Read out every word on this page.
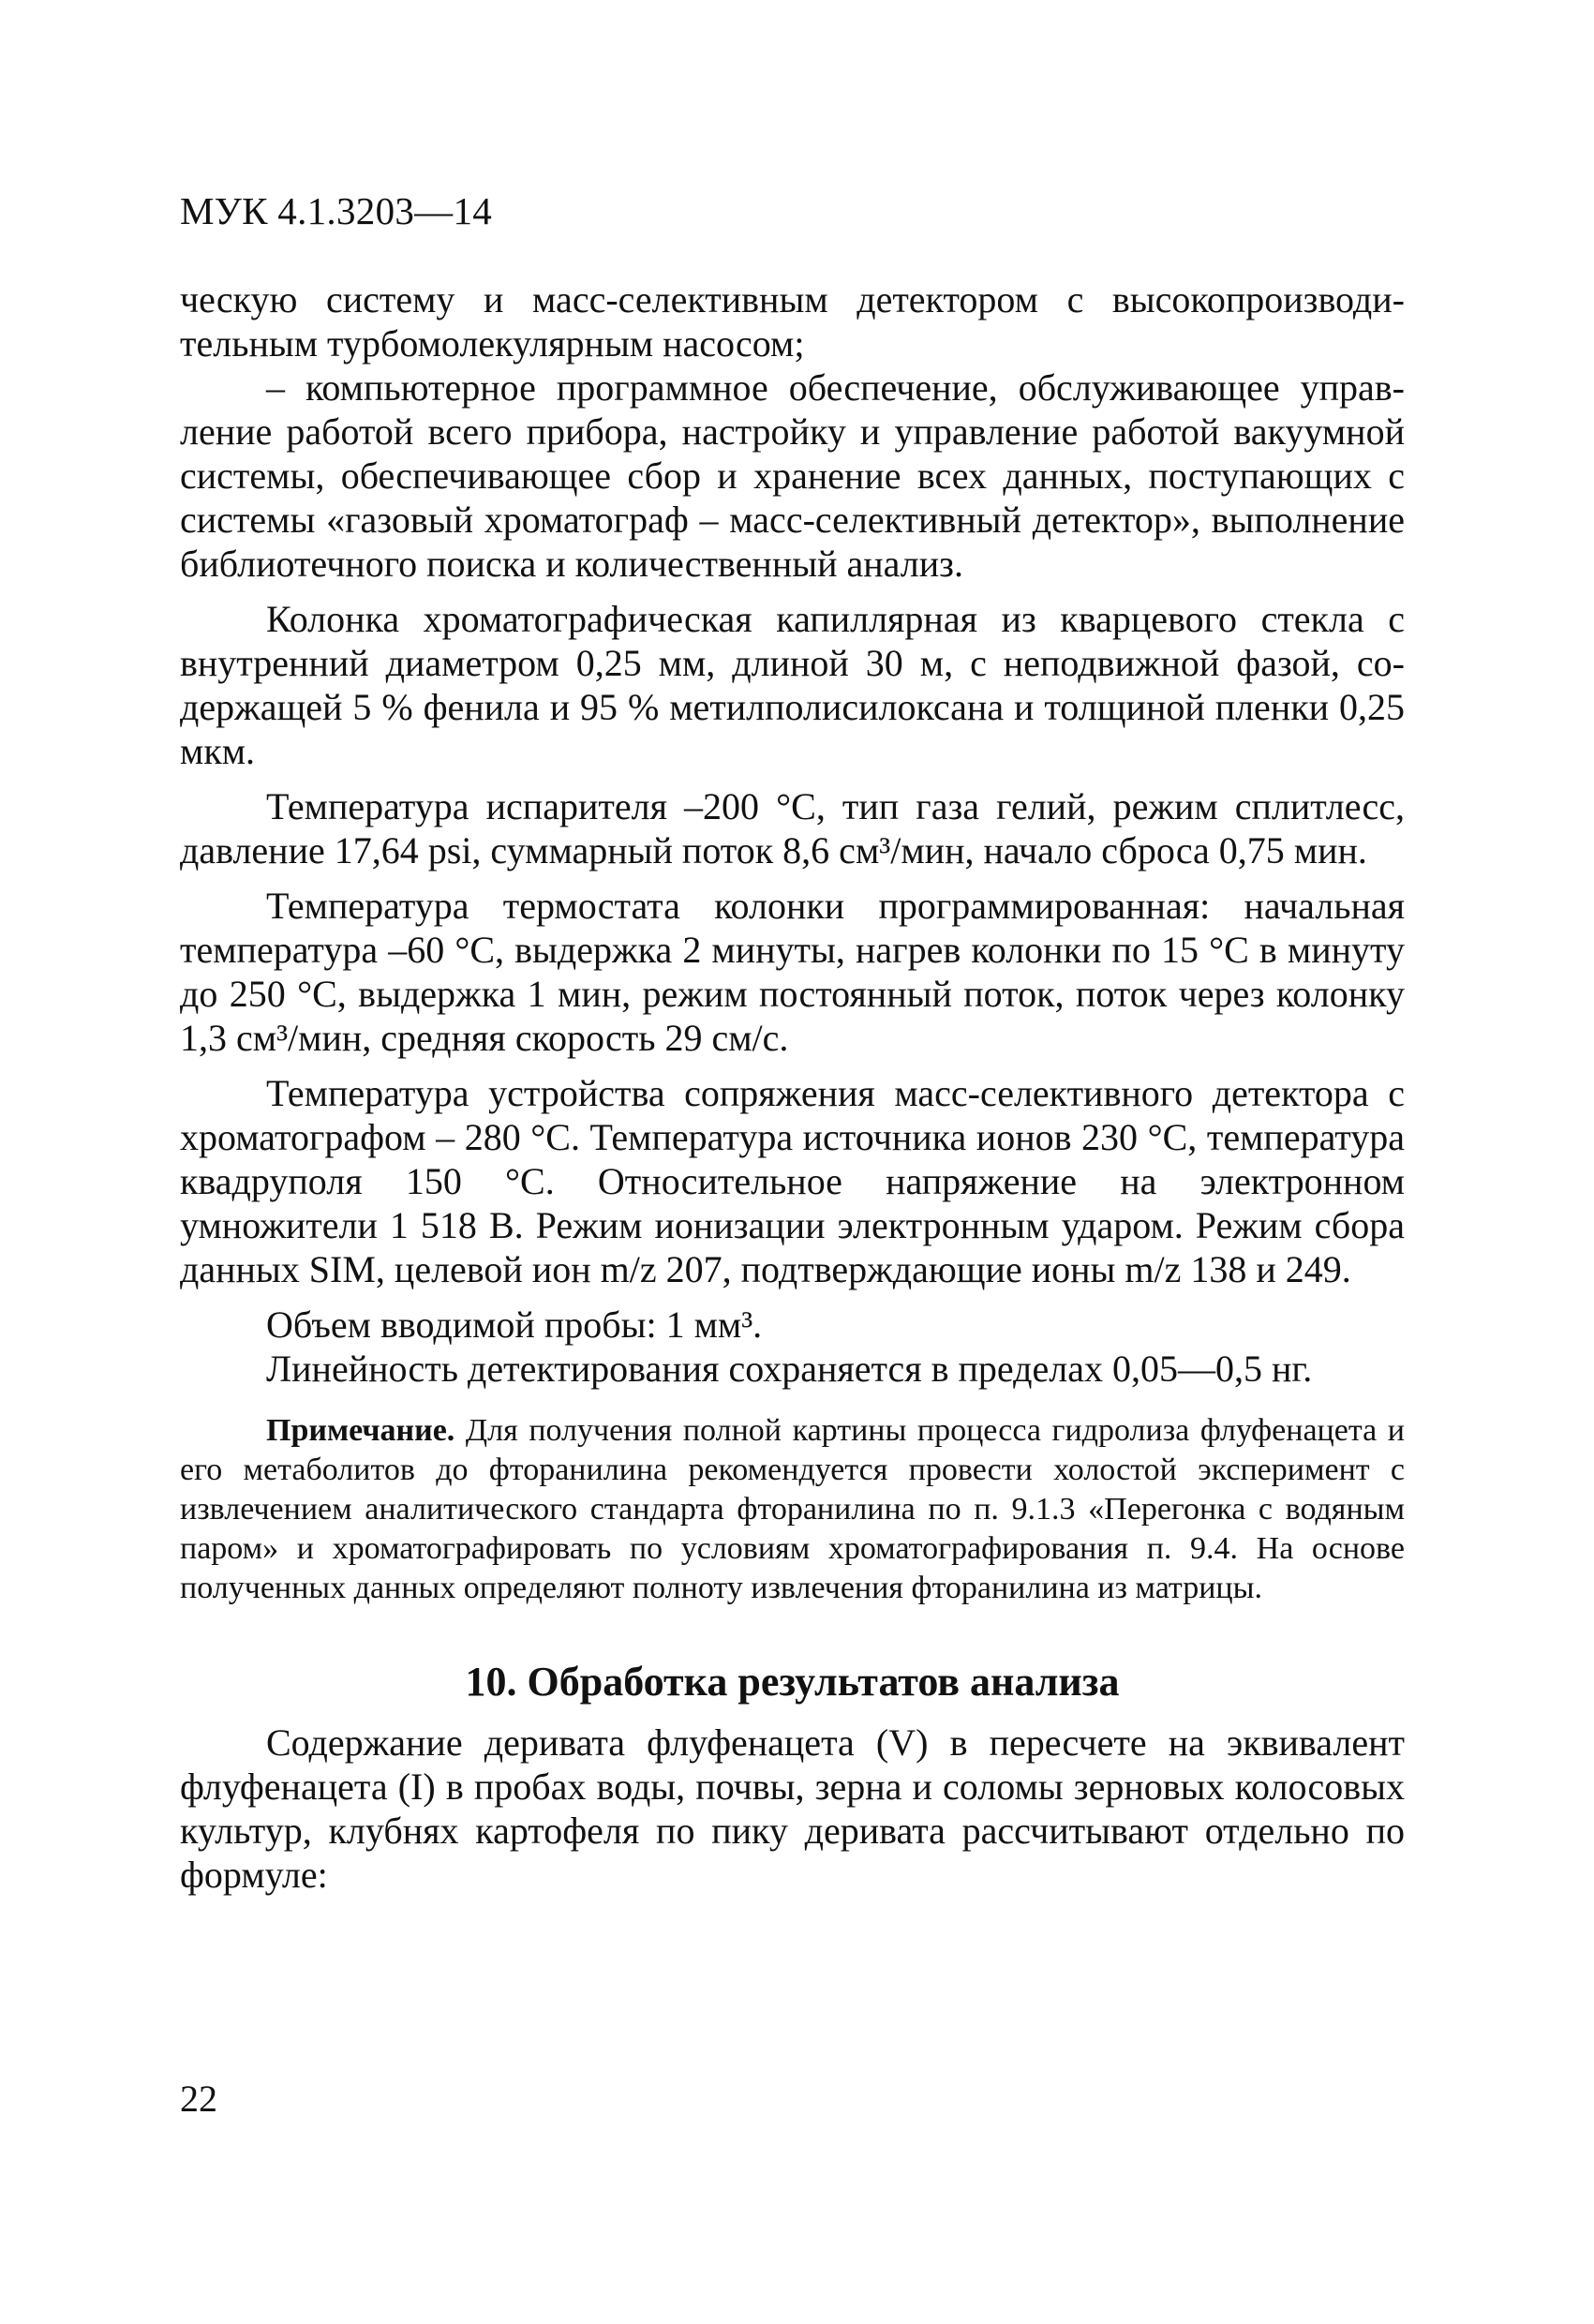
МУК 4.1.3203—14

ческую систему и масс-селективным детектором с высокопроизводительным турбомолекулярным насосом;

– компьютерное программное обеспечение, обслуживающее управление работой всего прибора, настройку и управление работой вакуумной системы, обеспечивающее сбор и хранение всех данных, поступающих с системы «газовый хроматограф – масс-селективный детектор», выполнение библиотечного поиска и количественный анализ.

Колонка хроматографическая капиллярная из кварцевого стекла с внутренний диаметром 0,25 мм, длиной 30 м, с неподвижной фазой, содержащей 5 % фенила и 95 % метилполисилоксана и толщиной пленки 0,25 мкм.

Температура испарителя –200 °С, тип газа гелий, режим сплитлесс, давление 17,64 psi, суммарный поток 8,6 см³/мин, начало сброса 0,75 мин.

Температура термостата колонки программированная: начальная температура –60 °С, выдержка 2 минуты, нагрев колонки по 15 °С в минуту до 250 °С, выдержка 1 мин, режим постоянный поток, поток через колонку 1,3 см³/мин, средняя скорость 29 см/с.

Температура устройства сопряжения масс-селективного детектора с хроматографом – 280 °С. Температура источника ионов 230 °С, температура квадруполя 150 °С. Относительное напряжение на электронном умножители 1 518 В. Режим ионизации электронным ударом. Режим сбора данных SIM, целевой ион m/z 207, подтверждающие ионы m/z 138 и 249.

Объем вводимой пробы: 1 мм³.

Линейность детектирования сохраняется в пределах 0,05—0,5 нг.

Примечание. Для получения полной картины процесса гидролиза флуфенацета и его метаболитов до фторанилина рекомендуется провести холостой эксперимент с извлечением аналитического стандарта фторанилина по п. 9.1.3 «Перегонка с водяным паром» и хроматографировать по условиям хроматографирования п. 9.4. На основе полученных данных определяют полноту извлечения фторанилина из матрицы.

10. Обработка результатов анализа

Содержание деривата флуфенацета (V) в пересчете на эквивалент флуфенацета (I) в пробах воды, почвы, зерна и соломы зерновых колосовых культур, клубнях картофеля по пику деривата рассчитывают отдельно по формуле:

22
